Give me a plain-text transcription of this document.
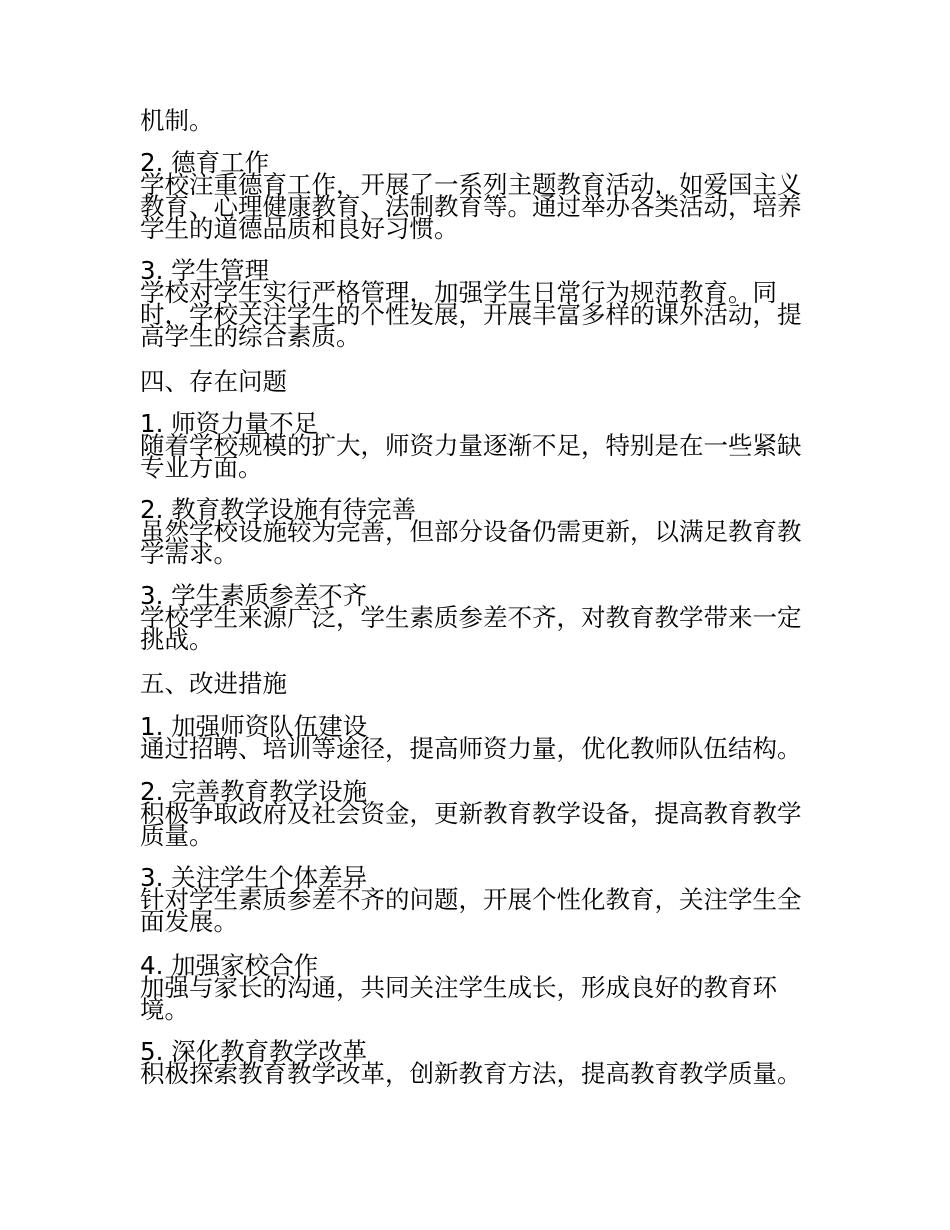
机制。

2. 德育工作

学校注重德育工作，开展了一系列主题教育活动，如爱国主义
教育、心理健康教育、法制教育等。通过举办各类活动，培养
学生的道德品质和良好习惯。

3. 学生管理

学校对学生实行严格管理，加强学生日常行为规范教育。同
时，学校关注学生的个性发展，开展丰富多样的课外活动，提
高学生的综合素质。

四、存在问题

1. 师资力量不足

随着学校规模的扩大，师资力量逐渐不足，特别是在一些紧缺
专业方面。

2. 教育教学设施有待完善

虽然学校设施较为完善，但部分设备仍需更新，以满足教育教
学需求。

3. 学生素质参差不齐

学校学生来源广泛，学生素质参差不齐，对教育教学带来一定
挑战。

五、改进措施

1. 加强师资队伍建设

通过招聘、培训等途径，提高师资力量，优化教师队伍结构。

2. 完善教育教学设施

积极争取政府及社会资金，更新教育教学设备，提高教育教学
质量。

3. 关注学生个体差异

针对学生素质参差不齐的问题，开展个性化教育，关注学生全
面发展。

4. 加强家校合作

加强与家长的沟通，共同关注学生成长，形成良好的教育环
境。

5. 深化教育教学改革

积极探索教育教学改革，创新教育方法，提高教育教学质量。
